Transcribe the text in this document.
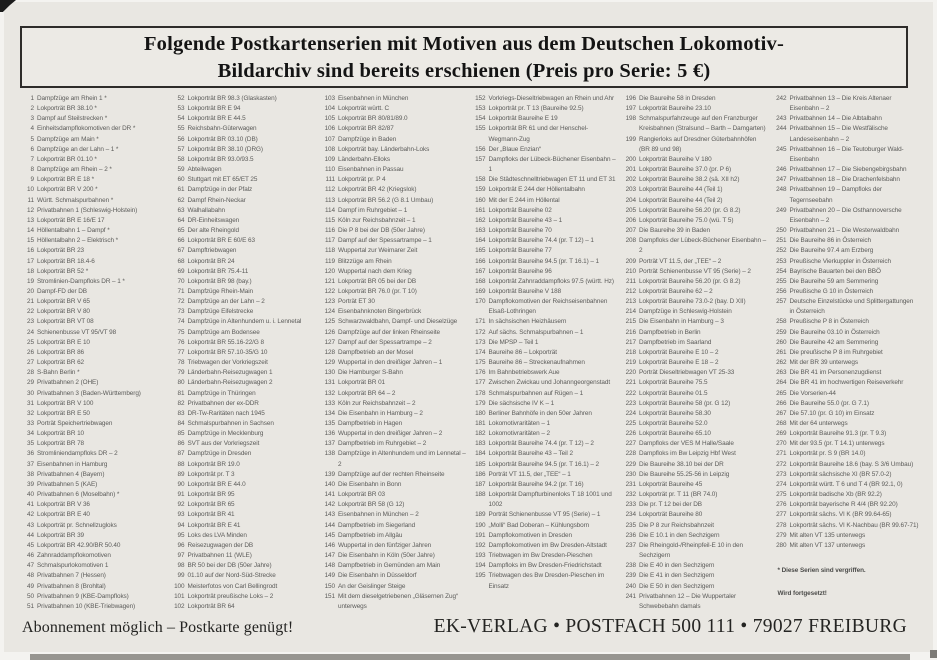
Folgende Postkartenserien mit Motiven aus dem Deutschen Lokomotiv-
Bildarchiv sind bereits erschienen (Preis pro Serie: 5 €)
1 Dampfzüge am Rhein 1 *
2 Lokporträt BR 38.10 *
3 Dampf auf Steilstrecken *
4 Einheitsdampflokomotiven der DR *
5 Dampfzüge am Main *
6 Dampfzüge an der Lahn – 1 *
7 Lokporträt BR 01.10 *
8 Dampfzüge am Rhein – 2 *
9 Lokporträt BR E 18 *
10 Lokporträt BR V 200 *
11 Württ. Schmalspurbahnen *
12 Privatbahnen 1 (Schleswig-Holstein)
13 Lokporträt BR E 16/E 17
14 Höllentalbahn 1 – Dampf *
15 Höllentalbahn 2 – Elektrisch *
16 Lokporträt BR 23
17 Lokporträt BR 18.4-6
18 Lokporträt BR 52 *
19 Stromlinien-Dampfloks DR – 1 *
20 Dampf-FD der DB
21 Lokporträt BR V 65
22 Lokporträt BR V 80
23 Lokporträt BR VT 08
24 Schienenbusse VT 95/VT 98
25 Lokporträt BR E 10
26 Lokporträt BR 86
27 Lokporträt BR 62
28 S-Bahn Berlin *
29 Privatbahnen 2 (OHE)
30 Privatbahnen 3 (Baden-Württemberg)
31 Lokporträt BR V 100
32 Lokporträt BR E 50
33 Porträt Speichertriebwagen
34 Lokporträt BR 10
35 Lokporträt BR 78
36 Stromliniendampfloks DR – 2
37 Eisenbahnen in Hamburg
38 Privatbahnen 4 (Bayern)
39 Privatbahnen 5 (KAE)
40 Privatbahnen 6 (Moselbahn) *
41 Lokporträt BR V 36
42 Lokporträt BR E 40
43 Lokporträt pr. Schnellzugloks
44 Lokporträt BR 39
45 Lokporträt BR 42.90/BR 50.40
46 Zahnraddampflokomotiven
47 Schmalspurlokomotiven 1
48 Privatbahnen 7 (Hessen)
49 Privatbahnen 8 (Brohltal)
50 Privatbahnen 9 (KBE-Dampfloks)
51 Privatbahnen 10 (KBE-Triebwagen)
52 Lokporträt BR 98.3 (Glaskasten)
53 Lokporträt BR E 94
54 Lokporträt BR E 44.5
55 Reichsbahn-Güterwagen
56 Lokporträt BR 03.10 (DB)
57 Lokporträt BR 38.10 (DRG)
58 Lokporträt BR 93.0/93.5
59 Abteilwagen
60 Stuttgart mit ET 65/ET 25
61 Dampfzüge in der Pfalz
62 Dampf Rhein-Neckar
63 Walhallabahn
64 DR-Einheitswagen
65 Der alte Rheingold
66 Lokporträt BR E 60/E 63
67 Dampftriebwagen
68 Lokporträt BR 24
69 Lokporträt BR 75.4-11
70 Lokporträt BR 98 (bay.)
71 Dampfzüge Rhein-Main
72 Dampfzüge an der Lahn – 2
73 Dampfzüge Eifelstrecke
74 Dampfzüge in Altenhundem u. i. Lennetal
75 Dampfzüge am Bodensee
76 Lokporträt BR 55.16-22/G 8
77 Lokporträt BR 57.10-35/G 10
78 Triebwagen der Vorkriegszeit
79 Länderbahn-Reisezugwagen 1
80 Länderbahn-Reisezugwagen 2
81 Dampfzüge in Thüringen
82 Privatbahnen der ex-DDR
83 DR-Tw-Raritäten nach 1945
84 Schmalspurbahnen in Sachsen
85 Dampfzüge in Mecklenburg
86 SVT aus der Vorkriegszeit
87 Dampfzüge in Dresden
88 Lokporträt BR 19.0
89 Lokporträt pr. T 3
90 Lokporträt BR E 44.0
91 Lokporträt BR 95
92 Lokporträt BR 65
93 Lokporträt BR 41
94 Lokporträt BR E 41
95 Loks des LVA Minden
96 Reisezugwagen der DB
97 Privatbahnen 11 (WLE)
98 BR 50 bei der DB (50er Jahre)
99 01.10 auf der Nord-Süd-Strecke
100 Meisterfotos von Carl Bellingrodt
101 Lokporträt preußische Loks – 2
102 Lokporträt BR 64
103 Eisenbahnen in München
104 Lokporträt württ. C
105 Lokporträt BR 80/81/89.0
106 Lokporträt BR 82/87
107 Dampfzüge in Baden
108 Lokporträt bay. Länderbahn-Loks
109 Länderbahn-Elloks
110 Eisenbahnen in Passau
111 Lokporträt pr. P 4
112 Lokporträt BR 42 (Kriegslok)
113 Lokporträt BR 56.2 (G 8.1 Umbau)
114 Dampf im Ruhrgebiet – 1
115 Köln zur Reichsbahnzeit – 1
116 Die P 8 bei der DB (50er Jahre)
117 Dampf auf der Spessartrampe – 1
118 Wuppertal zur Weimarer Zeit
119 Blitzzüge am Rhein
120 Wuppertal nach dem Krieg
121 Lokporträt BR 05 bei der DB
122 Lokporträt BR 76.0 (pr. T 10)
123 Porträt ET 30
124 Eisenbahnknoten Bingerbrück
125 Schwarzwaldbahn, Dampf- und Dieselzüge
126 Dampfzüge auf der linken Rheinseite
127 Dampf auf der Spessartrampe – 2
128 Dampfbetrieb an der Mosel
129 Wuppertal in den dreißiger Jahren – 1
130 Die Hamburger S-Bahn
131 Lokporträt BR 01
132 Lokporträt BR 64 – 2
133 Köln zur Reichsbahnzeit – 2
134 Die Eisenbahn in Hamburg – 2
135 Dampfbetrieb in Hagen
136 Wuppertal in den dreißiger Jahren – 2
137 Dampfbetrieb im Ruhrgebiet – 2
138 Dampfzüge in Altenhundem und im Lennetal – 2
139 Dampfzüge auf der rechten Rheinseite
140 Die Eisenbahn in Bonn
141 Lokporträt BR 03
142 Lokporträt BR 58 (G 12)
143 Eisenbahnen in München – 2
144 Dampfbetrieb im Siegerland
145 Dampfbetrieb im Allgäu
146 Wuppertal in den fünfziger Jahren
147 Die Eisenbahn in Köln (50er Jahre)
148 Dampfbetrieb in Gemünden am Main
149 Die Eisenbahn in Düsseldorf
150 An der Geislinger Steige
151 Mit dem dieselgetriebenen „Gläsernen Zug“ unterwegs
152 Vorkriegs-Dieseltriebwagen an Rhein und Ahr
153 Lokporträt pr. T 13 (Baureihe 92.5)
154 Lokporträt Baureihe E 19
155 Lokporträt BR 61 und der Henschel-Wegmann-Zug
156 Der „Blaue Enzian“
157 Dampfloks der Lübeck-Büchener Eisenbahn – 1
158 Die Städteschnelltriebwagen ET 11 und ET 31
159 Lokporträt E 244 der Höllentalbahn
160 Mit der E 244 im Höllental
161 Lokporträt Baureihe 02
162 Lokporträt Baureihe 43 – 1
163 Lokporträt Baureihe 70
164 Lokporträt Baureihe 74.4 (pr. T 12) – 1
165 Lokporträt Baureihe 77
166 Lokporträt Baureihe 94.5 (pr. T 16.1) – 1
167 Lokporträt Baureihe 96
168 Lokporträt Zahnraddampfloks 97.5 (württ. Hz)
169 Lokporträt Baureihe V 188
170 Dampflokomotiven der Reichseisenbahnen Elsaß-Lothringen
171 In sächsischen Heizhäusern
172 Auf sächs. Schmalspurbahnen – 1
173 Die MPSP – Teil 1
174 Baureihe 86 – Lokporträt
175 Baureihe 86 – Streckenaufnahmen
176 Im Bahnbetriebswerk Aue
177 Zwischen Zwickau und Johanngeorgenstadt
178 Schmalspurbahnen auf Rügen – 1
179 Die sächsische IV K – 1
180 Berliner Bahnhöfe in den 50er Jahren
181 Lokomotivraritäten – 1
182 Lokomotivraritäten – 2
183 Lokporträt Baureihe 74.4 (pr. T 12) – 2
184 Lokporträt Baureihe 43 – Teil 2
185 Lokporträt Baureihe 94.5 (pr. T 16.1) – 2
186 Porträt VT 11.5, der „TEE“ – 1
187 Lokporträt Baureihe 94.2 (pr. T 16)
188 Lokporträt Dampfturbinenloks T 18 1001 und 1002
189 Porträt Schienenbusse VT 95 (Serie) – 1
190 „Molli“ Bad Doberan – Kühlungsborn
191 Dampflokomotiven in Dresden
192 Dampflokomotiven im Bw Dresden-Altstadt
193 Triebwagen im Bw Dresden-Pieschen
194 Dampfloks im Bw Dresden-Friedrichstadt
195 Triebwagen des Bw Dresden-Pieschen im Einsatz
196 Die Baureihe 58 in Dresden
197 Lokporträt Baureihe 23.10
198 Schmalspurfahrzeuge auf den Franzburger Kreisbahnen (Stralsund – Barth – Damgarten)
199 Rangierloks auf Dresdner Güterbahnhöfen (BR 89 und 98)
200 Lokporträt Baureihe V 180
201 Lokporträt Baureihe 37.0 (pr. P 6)
202 Lokporträt Baureihe 38.2 (sä. XII h2)
203 Lokporträt Baureihe 44 (Teil 1)
204 Lokporträt Baureihe 44 (Teil 2)
205 Lokporträt Baureihe 56.20 (pr. G 8.2)
206 Lokporträt Baureihe 75.0 (wü. T 5)
207 Die Baureihe 39 in Baden
208 Dampfloks der Lübeck-Büchener Eisenbahn – 2
209 Porträt VT 11.5, der „TEE“ – 2
210 Porträt Schienenbusse VT 95 (Serie) – 2
211 Lokporträt Baureihe 56.20 (pr. G 8.2)
212 Lokporträt Baureihe 62 – 2
213 Lokporträt Baureihe 73.0-2 (bay. D XII)
214 Dampfzüge in Schleswig-Holstein
215 Die Eisenbahn in Hamburg – 3
216 Dampfbetrieb in Berlin
217 Dampfbetrieb im Saarland
218 Lokporträt Baureihe E 10 – 2
219 Lokporträt Baureihe E 18 – 2
220 Porträt Dieseltriebwagen VT 25-33
221 Lokporträt Baureihe 75.5
222 Lokporträt Baureihe 01.5
223 Lokporträt Baureihe 58 (pr. G 12)
224 Lokporträt Baureihe 58.30
225 Lokporträt Baureihe 52.0
226 Lokporträt Baureihe 65.10
227 Dampfloks der VES M Halle/Saale
228 Dampfloks im Bw Leipzig Hbf West
229 Die Baureihe 38.10 bei der DR
230 Die Baureihe 55.25-56 in Leipzig
231 Lokporträt Baureihe 45
232 Lokporträt pr. T 11 (BR 74.0)
233 Die pr. T 12 bei der DB
234 Lokporträt Baureihe 80
235 Die P 8 zur Reichsbahnzeit
236 Die E 10.1 in den Sechzigern
237 Die Rheingold-/Rheinpfeil-E 10 in den Sechzigern
238 Die E 40 in den Sechzigern
239 Die E 41 in den Sechzigern
240 Die E 50 in den Sechzigern
241 Privatbahnen 12 – Die Wuppertaler Schwebebahn damals
242 Privatbahnen 13 – Die Kreis Altenaer Eisenbahn – 2
243 Privatbahnen 14 – Die Albtalbahn
244 Privatbahnen 15 – Die Westfälische Landeseisenbahn – 2
245 Privatbahnen 16 – Die Teutoburger Wald-Eisenbahn
246 Privatbahnen 17 – Die Siebengebirgsbahn
247 Privatbahnen 18 – Die Drachenfelsbahn
248 Privatbahnen 19 – Dampfloks der Tegernseebahn
249 Privatbahnen 20 – Die Osthannoversche Eisenbahn – 2
250 Privatbahnen 21 – Die Westerwaldbahn
251 Die Baureihe 86 in Österreich
252 Die Baureihe 97.4 am Erzberg
253 Preußische Vierkuppler in Österreich
254 Bayrische Bauarten bei den BBÖ
255 Die Baureihe 59 am Semmering
256 Preußische G 10 in Österreich
257 Deutsche Einzelstücke und Splittergattungen in Österreich
258 Preußische P 8 in Österreich
259 Die Baureihe 03.10 in Österreich
260 Die Baureihe 42 am Semmering
261 Die preußische P 8 im Ruhrgebiet
262 Mit der BR 39 unterwegs
263 Die BR 41 im Personenzugdienst
264 Die BR 41 im hochwertigen Reiseverkehr
265 Die Vorserien-44
266 Die Baureihe 55.0 (pr. G 7.1)
267 Die 57.10 (pr. G 10) im Einsatz
268 Mit der 64 unterwegs
269 Lokporträt Baureihe 91.3 (pr. T 9.3)
270 Mit der 93.5 (pr. T 14.1) unterwegs
271 Lokporträt pr. S 9 (BR 14.0)
272 Lokporträt Baureihe 18.6 (bay. S 3/6 Umbau)
273 Lokporträt sächsische XI (BR 57.0-2)
274 Lokporträt württ. T 6 und T 4 (BR 92.1, 0)
275 Lokporträt badische Xb (BR 92.2)
276 Lokporträt bayerische R 4/4 (BR 92.20)
277 Lokporträt sächs. VI K (BR 99.64-65)
278 Lokporträt sächs. VI K-Nachbau (BR 99.67-71)
279 Mit alten VT 135 unterwegs
280 Mit alten VT 137 unterwegs
* Diese Serien sind vergriffen.
Wird fortgesetzt!
Abonnement möglich – Postkarte genügt!	EK-VERLAG • POSTFACH 500 111 • 79027 FREIBURG
